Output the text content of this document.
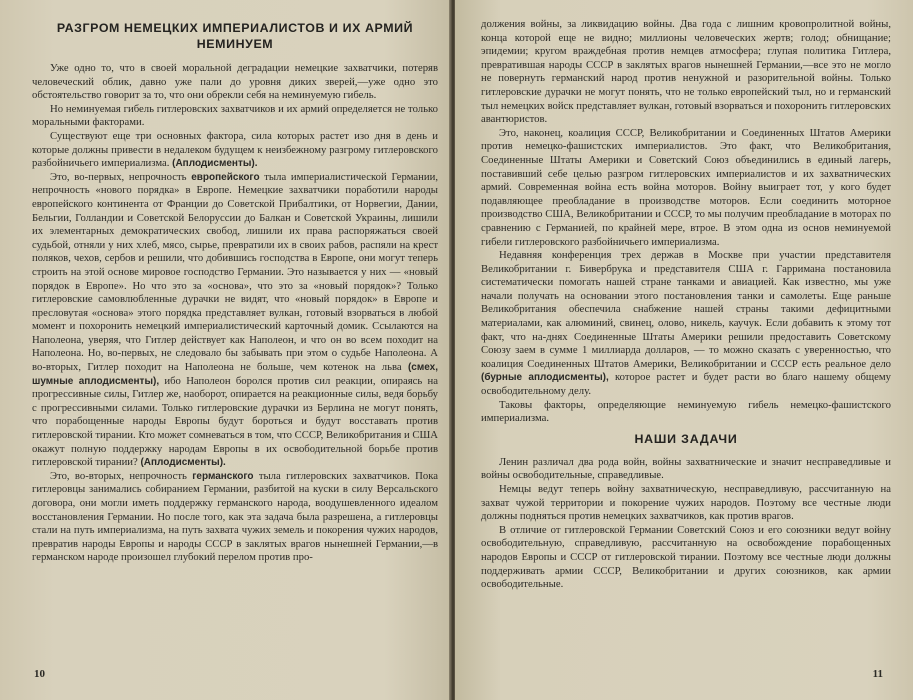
РАЗГРОМ НЕМЕЦКИХ ИМПЕРИАЛИСТОВ И ИХ АРМИЙ НЕМИНУЕМ

Уже одно то, что в своей моральной деградации немецкие захватчики, потеряв человеческий облик, давно уже пали до уровня диких зверей,—уже одно это обстоятельство говорит за то, что они обрекли себя на неминуемую гибель.

Но неминуемая гибель гитлеровских захватчиков и их армий определяется не только моральными факторами.

Существуют еще три основных фактора, сила которых растет изо дня в день и которые должны привести в недалеком будущем к неизбежному разгрому гитлеровского разбойничьего империализма. (Аплодисменты).

Это, во-первых, непрочность европейского тыла империалистической Германии, непрочность «нового порядка» в Европе. Немецкие захватчики поработили народы европейского континента от Франции до Советской Прибалтики, от Норвегии, Дании, Бельгии, Голландии и Советской Белоруссии до Балкан и Советской Украины, лишили их элементарных демократических свобод, лишили их права распоряжаться своей судьбой, отняли у них хлеб, мясо, сырье, превратили их в своих рабов, распяли на крест поляков, чехов, сербов и решили, что добившись господства в Европе, они могут теперь строить на этой основе мировое господство Германии. Это называется у них — «новый порядок в Европе». Но что это за «основа», что это за «новый порядок»? Только гитлеровские самовлюбленные дурачки не видят, что «новый порядок» в Европе и пресловутая «основа» этого порядка представляет вулкан, готовый взорваться в любой момент и похоронить немецкий империалистический карточный домик. Ссылаются на Наполеона, уверяя, что Гитлер действует как Наполеон, и что он во всем походит на Наполеона. Но, во-первых, не следовало бы забывать при этом о судьбе Наполеона. А во-вторых, Гитлер походит на Наполеона не больше, чем котенок на льва (смех, шумные аплодисменты), ибо Наполеон боролся против сил реакции, опираясь на прогрессивные силы, Гитлер же, наоборот, опирается на реакционные силы, ведя борьбу с прогрессивными силами. Только гитлеровские дурачки из Берлина не могут понять, что порабощенные народы Европы будут бороться и будут восставать против гитлеровской тирании. Кто может сомневаться в том, что СССР, Великобритания и США окажут полную поддержку народам Европы в их освободительной борьбе против гитлеровской тирании? (Аплодисменты).

Это, во-вторых, непрочность германского тыла гитлеровских захватчиков. Пока гитлеровцы занимались собиранием Германии, разбитой на куски в силу Версальского договора, они могли иметь поддержку германского народа, воодушевленного идеалом восстановления Германии. Но после того, как эта задача была разрешена, а гитлеровцы стали на путь империализма, на путь захвата чужих земель и покорения чужих народов, превратив народы Европы и народы СССР в заклятых врагов нынешней Германии,—в германском народе произошел глубокий перелом против про-

10

должения войны, за ликвидацию войны. Два года с лишним кровопролитной войны, конца которой еще не видно; миллионы человеческих жертв; голод; обнищание; эпидемии; кругом враждебная против немцев атмосфера; глупая политика Гитлера, превратившая народы СССР в заклятых врагов нынешней Германии,—все это не могло не повернуть германский народ против ненужной и разорительной войны. Только гитлеровские дурачки не могут понять, что не только европейский тыл, но и германский тыл немецких войск представляет вулкан, готовый взорваться и похоронить гитлеровских авантюристов.

Это, наконец, коалиция СССР, Великобритании и Соединенных Штатов Америки против немецко-фашистских империалистов. Это факт, что Великобритания, Соединенные Штаты Америки и Советский Союз объединились в единый лагерь, поставивший себе целью разгром гитлеровских империалистов и их захватнических армий. Современная война есть война моторов. Войну выиграет тот, у кого будет подавляющее преобладание в производстве моторов. Если соединить моторное производство США, Великобритании и СССР, то мы получим преобладание в моторах по сравнению с Германией, по крайней мере, втрое. В этом одна из основ неминуемой гибели гитлеровского разбойничьего империализма.

Недавняя конференция трех держав в Москве при участии представителя Великобритании г. Бивербрука и представителя США г. Гарримана постановила систематически помогать нашей стране танками и авиацией. Как известно, мы уже начали получать на основании этого постановления танки и самолеты. Еще раньше Великобритания обеспечила снабжение нашей страны такими дефицитными материалами, как алюминий, свинец, олово, никель, каучук. Если добавить к этому тот факт, что на-днях Соединенные Штаты Америки решили предоставить Советскому Союзу заем в сумме 1 миллиарда долларов, — то можно сказать с уверенностью, что коалиция Соединенных Штатов Америки, Великобритании и СССР есть реальное дело (бурные аплодисменты), которое растет и будет расти во благо нашему общему освободительному делу.

Таковы факторы, определяющие неминуемую гибель немецко-фашистского империализма.

НАШИ ЗАДАЧИ

Ленин различал два рода войн, войны захватнические и значит несправедливые и войны освободительные, справедливые.

Немцы ведут теперь войну захватническую, несправедливую, рассчитанную на захват чужой территории и покорение чужих народов. Поэтому все честные люди должны подняться против немецких захватчиков, как против врагов.

В отличие от гитлеровской Германии Советский Союз и его союзники ведут войну освободительную, справедливую, рассчитанную на освобождение порабощенных народов Европы и СССР от гитлеровской тирании. Поэтому все честные люди должны поддерживать армии СССР, Великобритании и других союзников, как армии освободительные.

11
